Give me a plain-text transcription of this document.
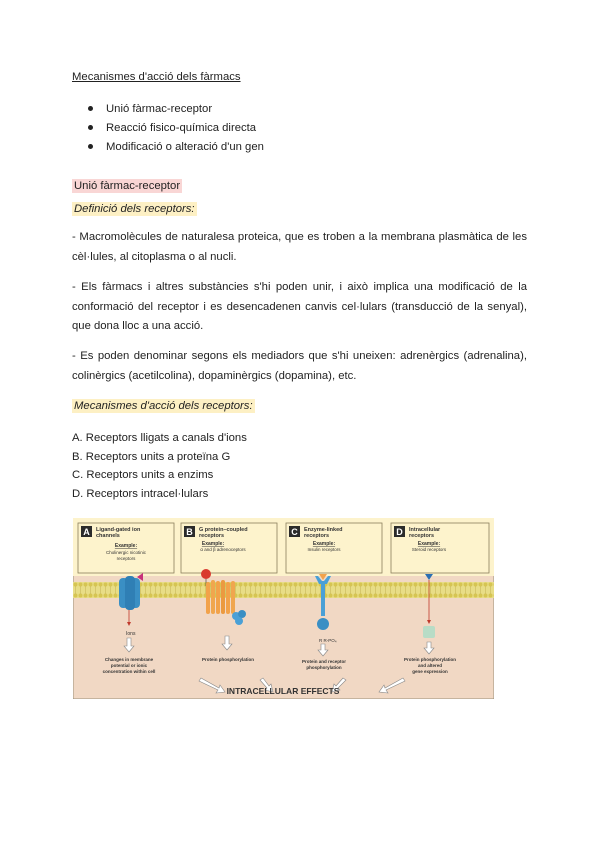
Mecanismes d'acció dels fàrmacs
Unió fàrmac-receptor
Reacció fisico-química directa
Modificació o alteració d'un gen
Unió fàrmac-receptor
Definició dels receptors:
- Macromolècules de naturalesa proteica, que es troben a la membrana plasmàtica de les cèl·lules, al citoplasma o al nucli.
- Els fàrmacs i altres substàncies s'hi poden unir, i això implica una modificació de la conformació del receptor i es desencadenen canvis cel·lulars (transducció de la senyal), que dona lloc a una acció.
- Es poden denominar segons els mediadors que s'hi uneixen: adrenèrgics (adrenalina), colinèrgics (acetilcolina), dopaminèrgics (dopamina), etc.
Mecanismes d'acció dels receptors:
A. Receptors lligats a canals d'ions
B. Receptors units a proteïna G
C. Receptors units a enzims
D. Receptors intracel·lulars
A Ligand-gated ion
channels
Example:
Cholinergic nicotinic
receptors
B G protein–coupled
receptors
Example:
α and β adrenoceptors
C Enzyme-linked
receptors
Example:
Insulin receptors
D Intracellular
receptors
Example:
Steroid receptors
Ions
R R-PO₄
Changes in membrane
potential or ionic
concentration within cell
Protein phosphorylation	Protein and receptor
phosphorylation
Protein phosphorylation
and altered
gene expression
INTRACELLULAR EFFECTS
